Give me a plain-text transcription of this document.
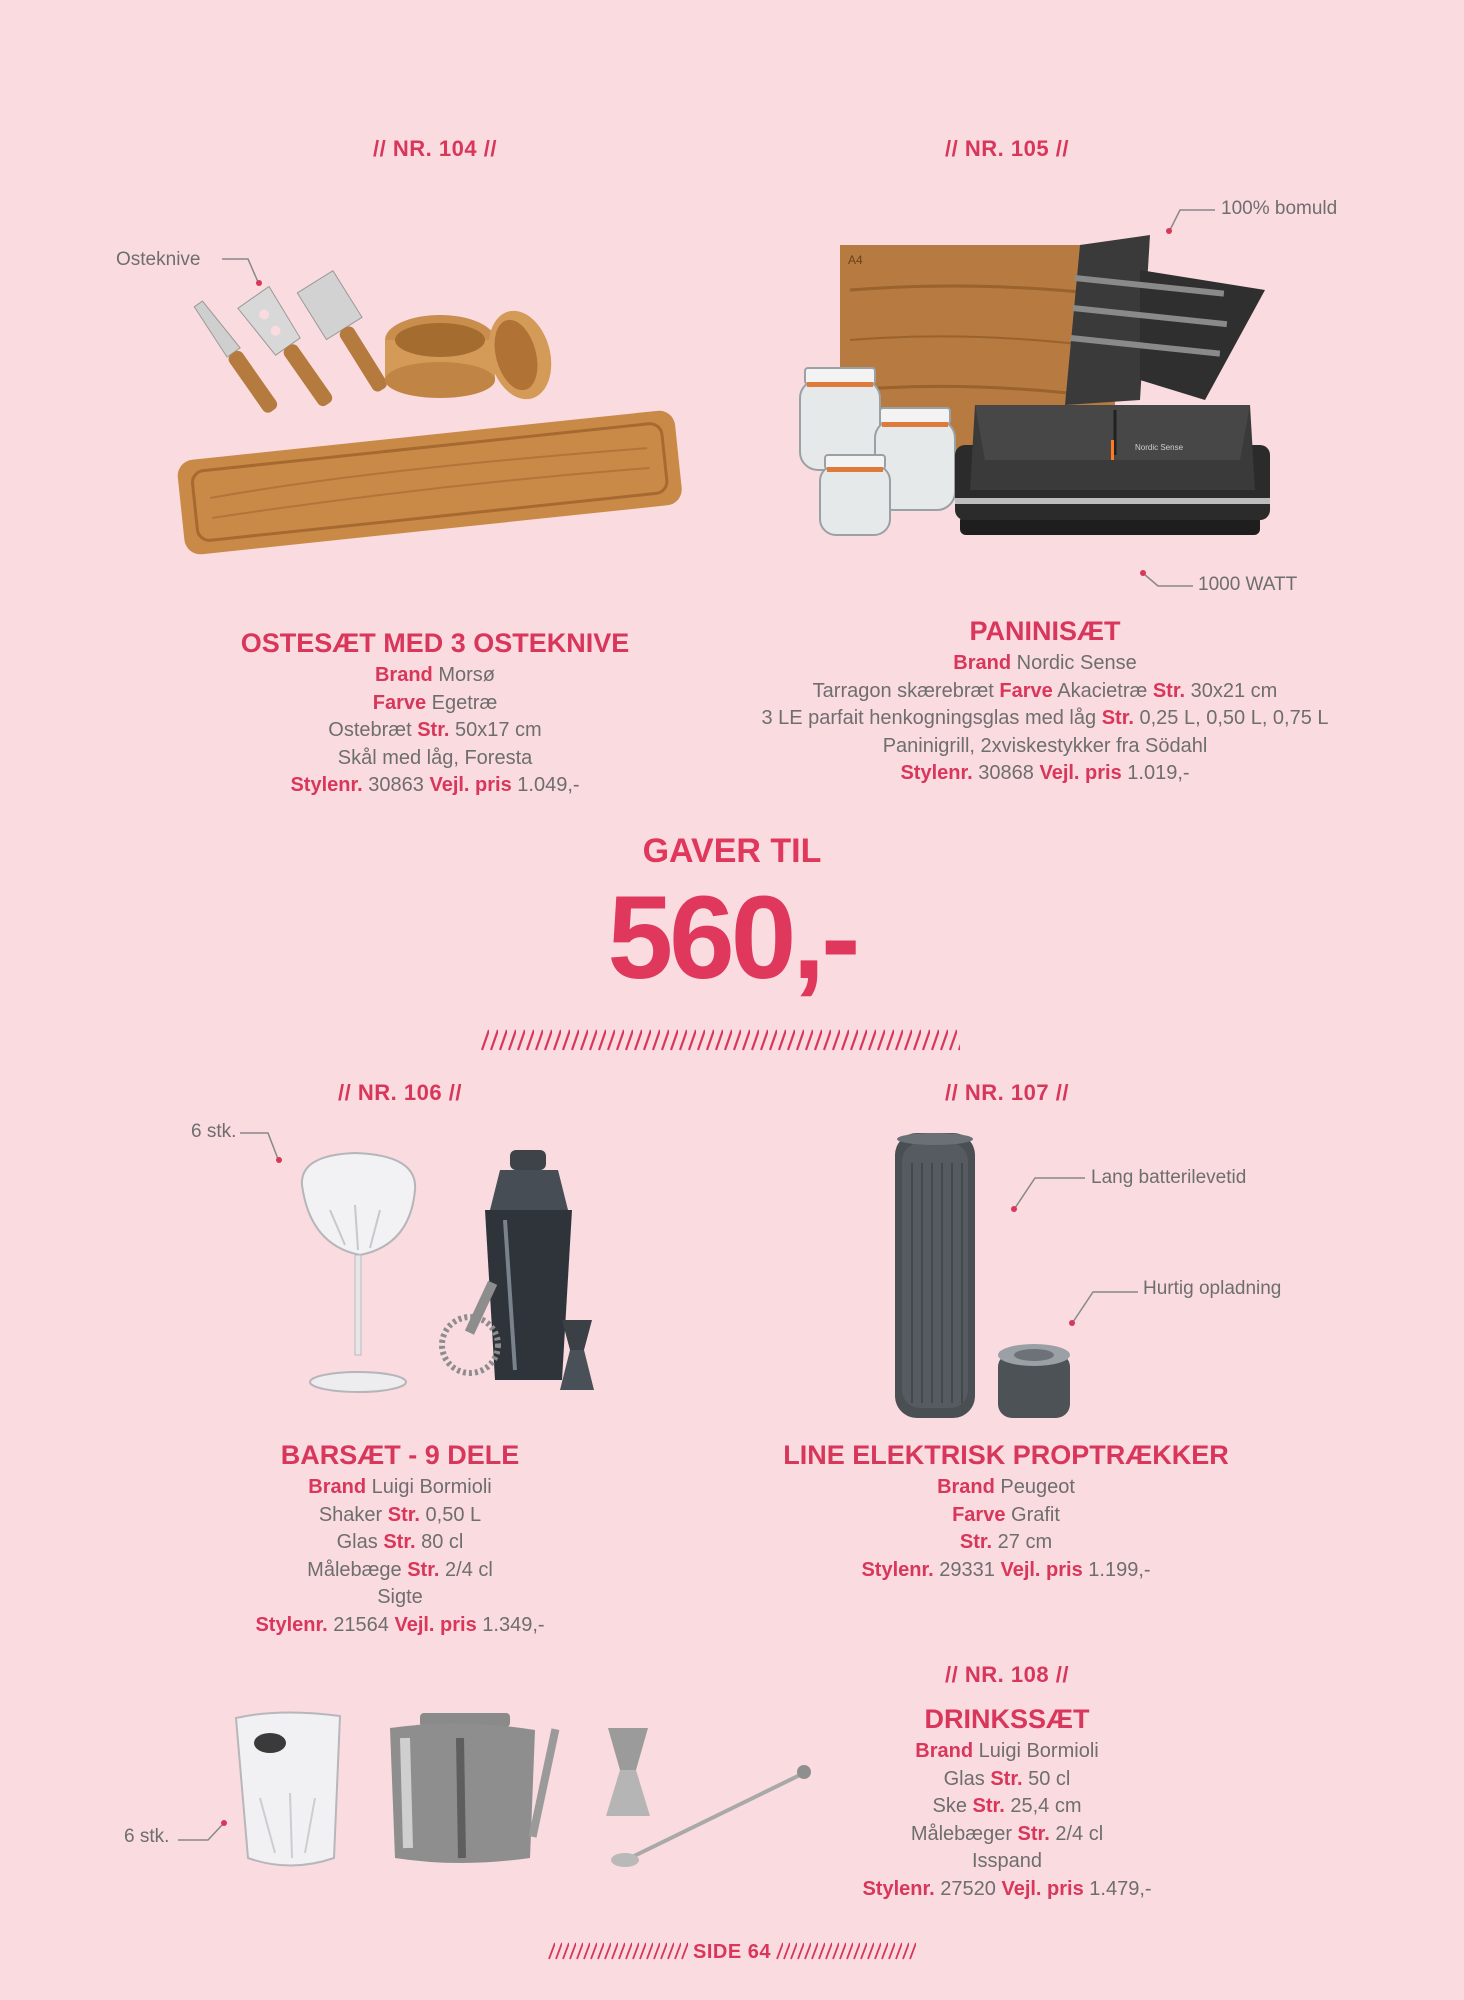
// NR. 104 //
Osteknive
OSTESÆT MED 3 OSTEKNIVE
Brand Morsø
Farve Egetræ
Ostebræt Str. 50x17 cm
Skål med låg, Foresta
Stylenr. 30863 Vejl. pris 1.049,-
// NR. 105 //
100% bomuld
1000 WATT
A4
Nordic Sense
PANINISÆT
Brand Nordic Sense
Tarragon skærebræt Farve Akacietræ Str. 30x21 cm
3 LE parfait henkogningsglas med låg Str. 0,25 L, 0,50 L, 0,75 L
Paninigrill, 2xviskestykker fra Södahl
Stylenr. 30868 Vejl. pris 1.019,-
GAVER TIL
560,-
// NR. 106 //
6 stk.
BARSÆT - 9 DELE
Brand Luigi Bormioli
Shaker Str. 0,50 L
Glas Str. 80 cl
Målebæge Str. 2/4 cl
Sigte
Stylenr. 21564 Vejl. pris 1.349,-
// NR. 107 //
Lang batterilevetid
Hurtig opladning
LINE ELEKTRISK PROPTRÆKKER
Brand Peugeot
Farve Grafit
Str. 27 cm
Stylenr. 29331 Vejl. pris 1.199,-
// NR. 108 //
6 stk.
DRINKSSÆT
Brand Luigi Bormioli
Glas Str. 50 cl
Ske Str. 25,4 cm
Målebæger Str. 2/4 cl
Isspand
Stylenr. 27520 Vejl. pris 1.479,-
SIDE 64
